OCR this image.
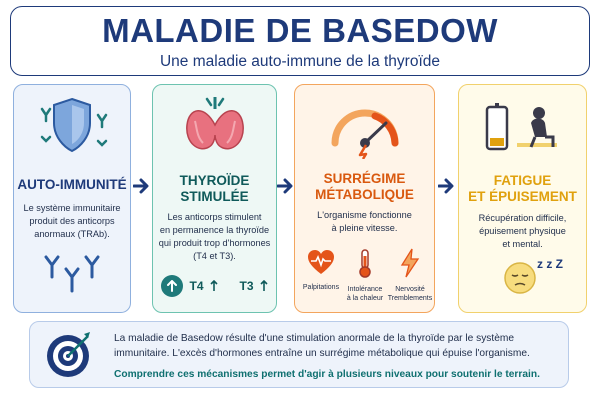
MALADIE DE BASEDOW
Une maladie auto-immune de la thyroïde
AUTO-IMMUNITÉ
Le système immunitaire
produit des anticorps
anormaux (TRAb).
THYROÏDE
STIMULÉE
Les anticorps stimulent
en permanence la thyroïde
qui produit trop d'hormones
(T4 et T3).
T4	T3
SURRÉGIME
MÉTABOLIQUE
L'organisme fonctionne
à pleine vitesse.
Palpitations	Intolérance
à la chaleur
Nervosité
Tremblements
FATIGUE
ET ÉPUISEMENT
Récupération difficile,
épuisement physique
et mental.
z z Z
La maladie de Basedow résulte d'une stimulation anormale de la thyroïde par le système
immunitaire. L'excès d'hormones entraîne un surrégime métabolique qui épuise l'organisme.
Comprendre ces mécanismes permet d'agir à plusieurs niveaux pour soutenir le terrain.
